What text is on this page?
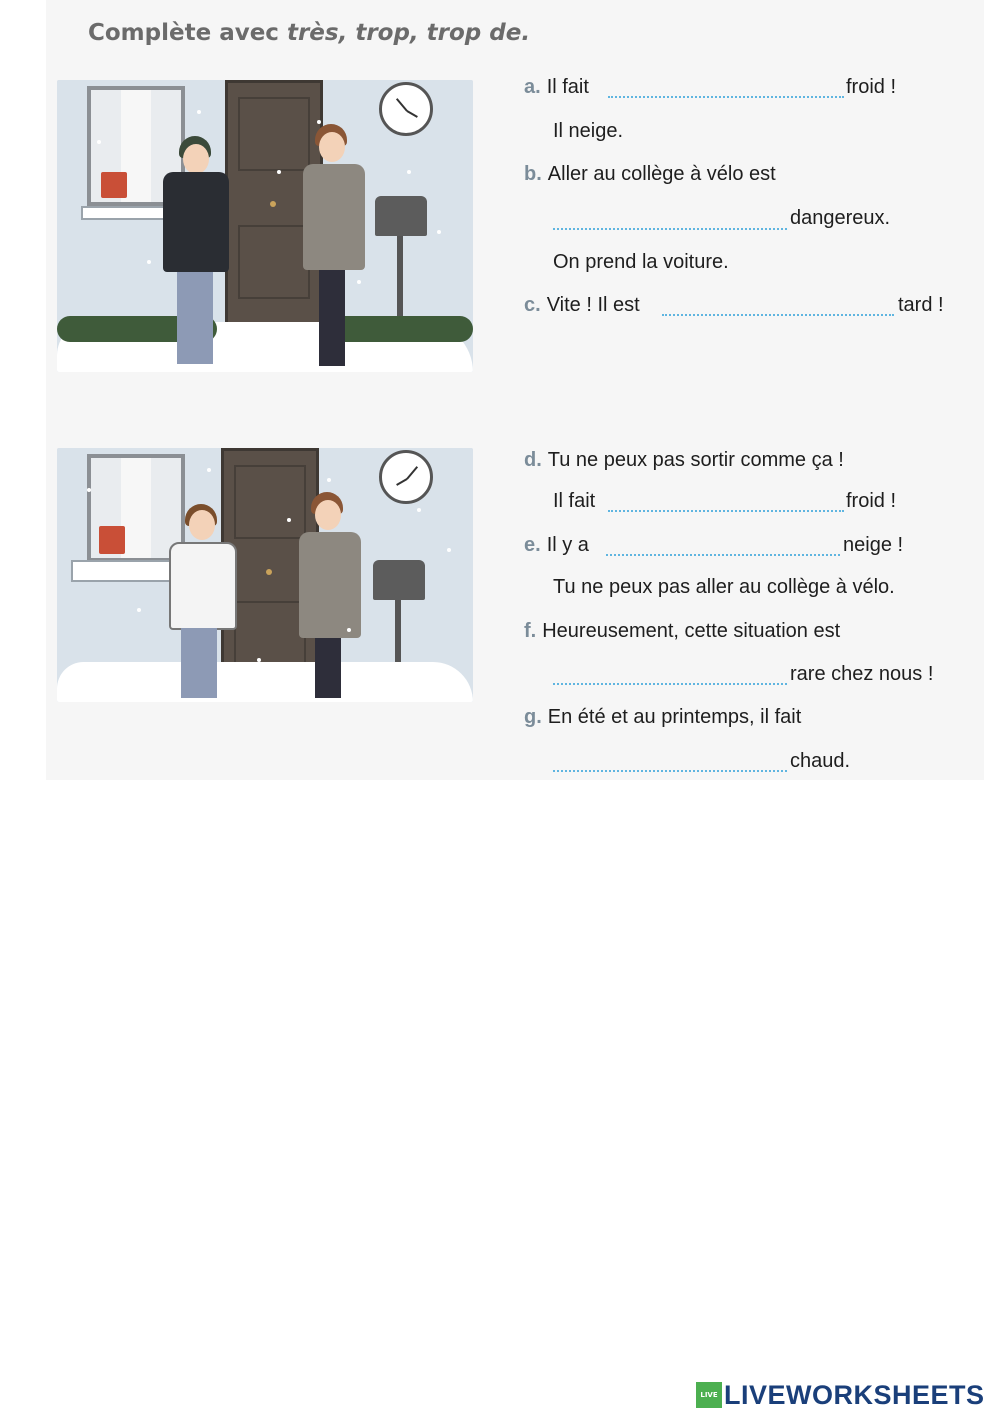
Complète avec très, trop, trop de.
a. Il fait	froid !
Il neige.
b. Aller au collège à vélo est
dangereux.
On prend la voiture.
c. Vite ! Il est	tard !
d. Tu ne peux pas sortir comme ça !
Il fait	froid !
e. Il y a	neige !
Tu ne peux pas aller au collège à vélo.
f. Heureusement, cette situation est
rare chez nous !
g. En été et au printemps, il fait
chaud.
LIVE LIVEWORKSHEETS
